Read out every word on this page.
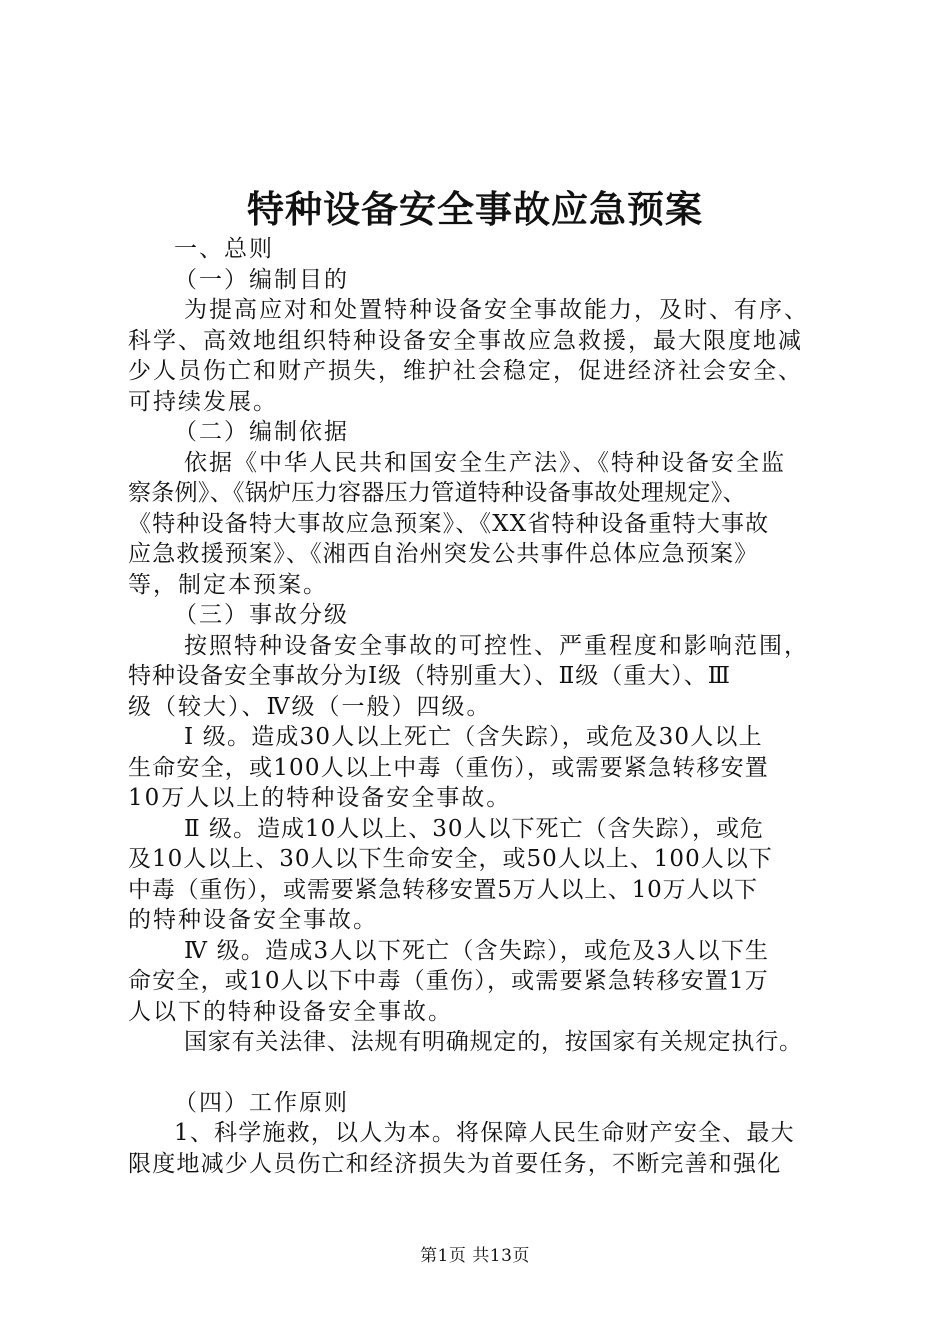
特种设备安全事故应急预案

一、总则

（一）编制目的

为提高应对和处置特种设备安全事故能力，及时、有序、

科学、高效地组织特种设备安全事故应急救援，最大限度地减

少人员伤亡和财产损失，维护社会稳定，促进经济社会安全、

可持续发展。

（二）编制依据

依据《中华人民共和国安全生产法》、《特种设备安全监

察条例》、《锅炉压力容器压力管道特种设备事故处理规定》、

《特种设备特大事故应急预案》、《XX省特种设备重特大事故

应急救援预案》、《湘西自治州突发公共事件总体应急预案》

等，制定本预案。

（三）事故分级

按照特种设备安全事故的可控性、严重程度和影响范围，

特种设备安全事故分为Ⅰ级（特别重大）、Ⅱ级（重大）、Ⅲ

级（较大）、Ⅳ级（一般）四级。

Ⅰ 级。造成30人以上死亡（含失踪），或危及30人以上

生命安全，或100人以上中毒（重伤），或需要紧急转移安置

10万人以上的特种设备安全事故。

Ⅱ 级。造成10人以上、30人以下死亡（含失踪），或危

及10人以上、30人以下生命安全，或50人以上、100人以下

中毒（重伤），或需要紧急转移安置5万人以上、10万人以下

的特种设备安全事故。

Ⅳ 级。造成3人以下死亡（含失踪），或危及3人以下生

命安全，或10人以下中毒（重伤），或需要紧急转移安置1万

人以下的特种设备安全事故。

国家有关法律、法规有明确规定的，按国家有关规定执行。

（四）工作原则

1、科学施救，以人为本。将保障人民生命财产安全、最大

限度地减少人员伤亡和经济损失为首要任务，不断完善和强化

第1页 共13页
